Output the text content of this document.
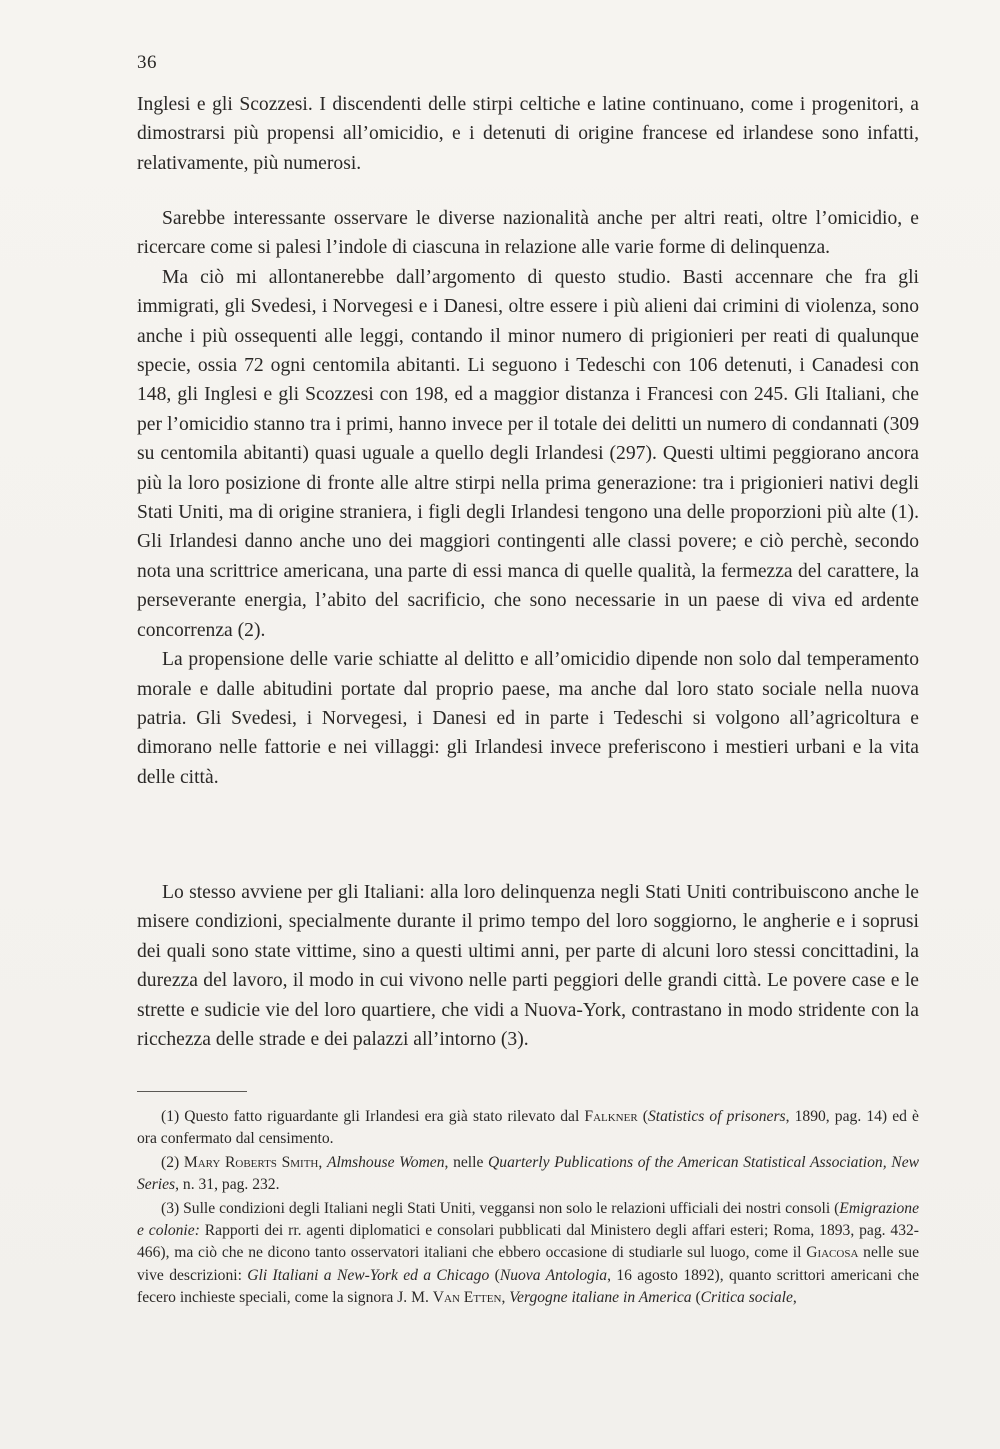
36

Inglesi e gli Scozzesi. I discendenti delle stirpi celtiche e latine continuano, come i progenitori, a dimostrarsi più propensi all’omicidio, e i detenuti di origine francese ed irlandese sono infatti, relativamente, più numerosi.

Sarebbe interessante osservare le diverse nazionalità anche per altri reati, oltre l’omicidio, e ricercare come si palesi l’indole di ciascuna in relazione alle varie forme di delinquenza.

Ma ciò mi allontanerebbe dall’argomento di questo studio. Basti accennare che fra gli immigrati, gli Svedesi, i Norvegesi e i Danesi, oltre essere i più alieni dai crimini di violenza, sono anche i più ossequenti alle leggi, contando il minor numero di prigionieri per reati di qualunque specie, ossia 72 ogni centomila abitanti. Li seguono i Tedeschi con 106 detenuti, i Canadesi con 148, gli Inglesi e gli Scozzesi con 198, ed a maggior distanza i Francesi con 245. Gli Italiani, che per l’omicidio stanno tra i primi, hanno invece per il totale dei delitti un numero di condannati (309 su centomila abitanti) quasi uguale a quello degli Irlandesi (297). Questi ultimi peggiorano ancora più la loro posizione di fronte alle altre stirpi nella prima generazione: tra i prigionieri nativi degli Stati Uniti, ma di origine straniera, i figli degli Irlandesi tengono una delle proporzioni più alte (1). Gli Irlandesi danno anche uno dei maggiori contingenti alle classi povere; e ciò perchè, secondo nota una scrittrice americana, una parte di essi manca di quelle qualità, la fermezza del carattere, la perseverante energia, l’abito del sacrificio, che sono necessarie in un paese di viva ed ardente concorrenza (2).

La propensione delle varie schiatte al delitto e all’omicidio dipende non solo dal temperamento morale e dalle abitudini portate dal proprio paese, ma anche dal loro stato sociale nella nuova patria. Gli Svedesi, i Norvegesi, i Danesi ed in parte i Tedeschi si volgono all’agricoltura e dimorano nelle fattorie e nei villaggi: gli Irlandesi invece preferiscono i mestieri urbani e la vita delle città.

Lo stesso avviene per gli Italiani: alla loro delinquenza negli Stati Uniti contribuiscono anche le misere condizioni, specialmente durante il primo tempo del loro soggiorno, le angherie e i soprusi dei quali sono state vittime, sino a questi ultimi anni, per parte di alcuni loro stessi concittadini, la durezza del lavoro, il modo in cui vivono nelle parti peggiori delle grandi città. Le povere case e le strette e sudicie vie del loro quartiere, che vidi a Nuova-York, contrastano in modo stridente con la ricchezza delle strade e dei palazzi all’intorno (3).

(1) Questo fatto riguardante gli Irlandesi era già stato rilevato dal Falkner (Statistics of prisoners, 1890, pag. 14) ed è ora confermato dal censimento.

(2) Mary Roberts Smith, Almshouse Women, nelle Quarterly Publications of the American Statistical Association, New Series, n. 31, pag. 232.

(3) Sulle condizioni degli Italiani negli Stati Uniti, veggansi non solo le relazioni ufficiali dei nostri consoli (Emigrazione e colonie: Rapporti dei rr. agenti diplomatici e consolari pubblicati dal Ministero degli affari esteri; Roma, 1893, pag. 432-466), ma ciò che ne dicono tanto osservatori italiani che ebbero occasione di studiarle sul luogo, come il Giacosa nelle sue vive descrizioni: Gli Italiani a New-York ed a Chicago (Nuova Antologia, 16 agosto 1892), quanto scrittori americani che fecero inchieste speciali, come la signora J. M. Van Etten, Vergogne italiane in America (Critica sociale,
